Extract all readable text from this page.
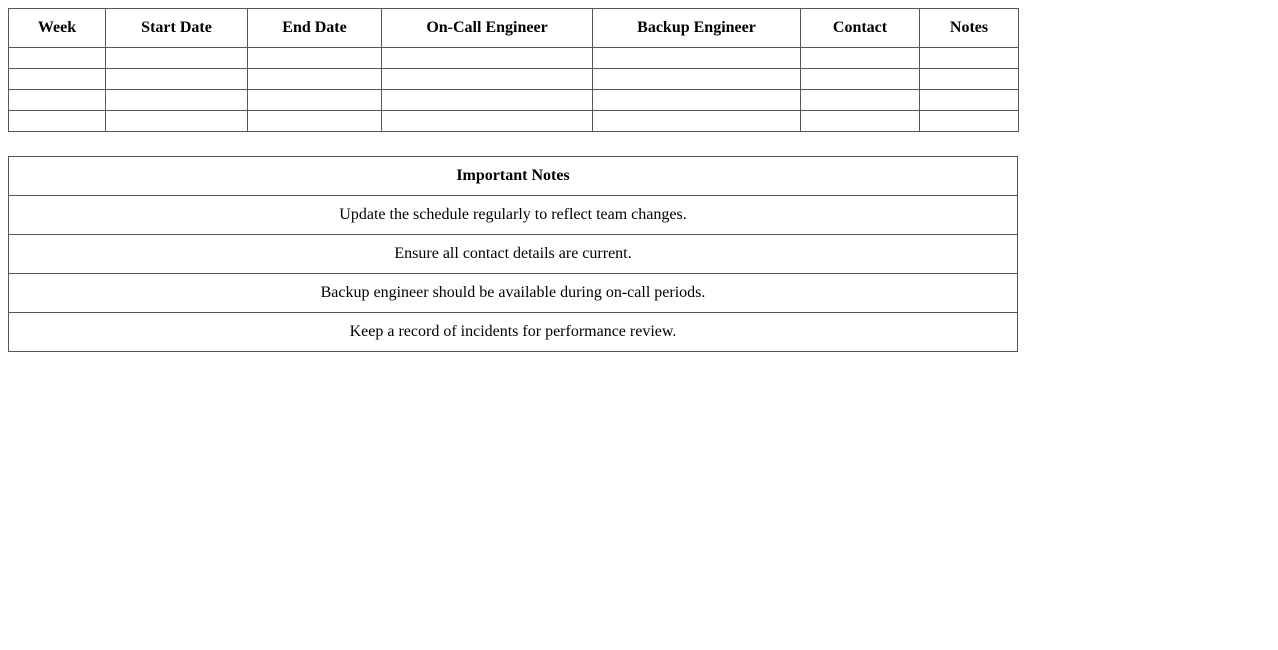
Week	Start Date	End Date	On-Call Engineer	Backup Engineer	Contact	Notes

Important Notes
Update the schedule regularly to reflect team changes.
Ensure all contact details are current.
Backup engineer should be available during on-call periods.
Keep a record of incidents for performance review.
